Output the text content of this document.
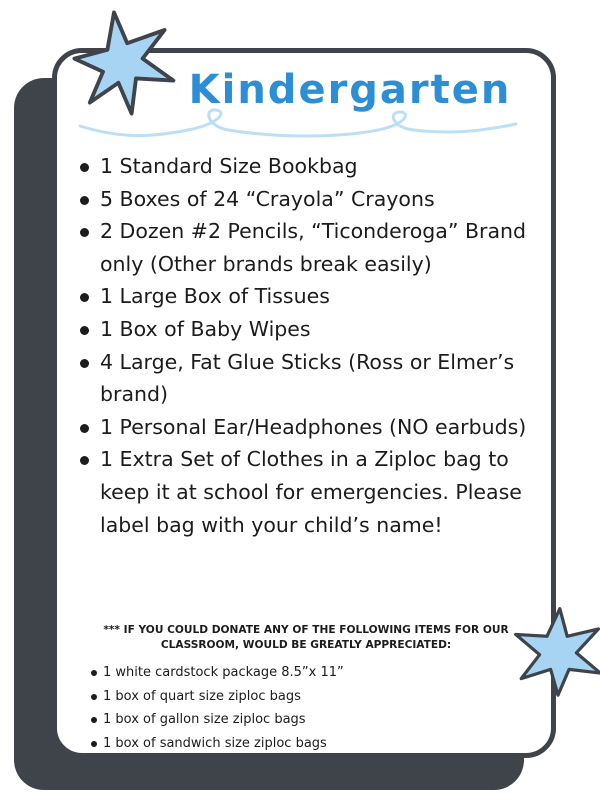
Kindergarten
1 Standard Size Bookbag
5 Boxes of 24 “Crayola” Crayons
2 Dozen #2 Pencils, “Ticonderoga” Brand only (Other brands break easily)
1 Large Box of Tissues
1 Box of Baby Wipes
4 Large, Fat Glue Sticks (Ross or Elmer’s brand)
1 Personal Ear/Headphones (NO earbuds)
1 Extra Set of Clothes in a Ziploc bag to keep it at school for emergencies. Please label bag with your child’s name!
*** IF YOU COULD DONATE ANY OF THE FOLLOWING ITEMS FOR OUR CLASSROOM, WOULD BE GREATLY APPRECIATED:
1 white cardstock package 8.5”x 11”
1 box of quart size ziploc bags
1 box of gallon size ziploc bags
1 box of sandwich size ziploc bags
